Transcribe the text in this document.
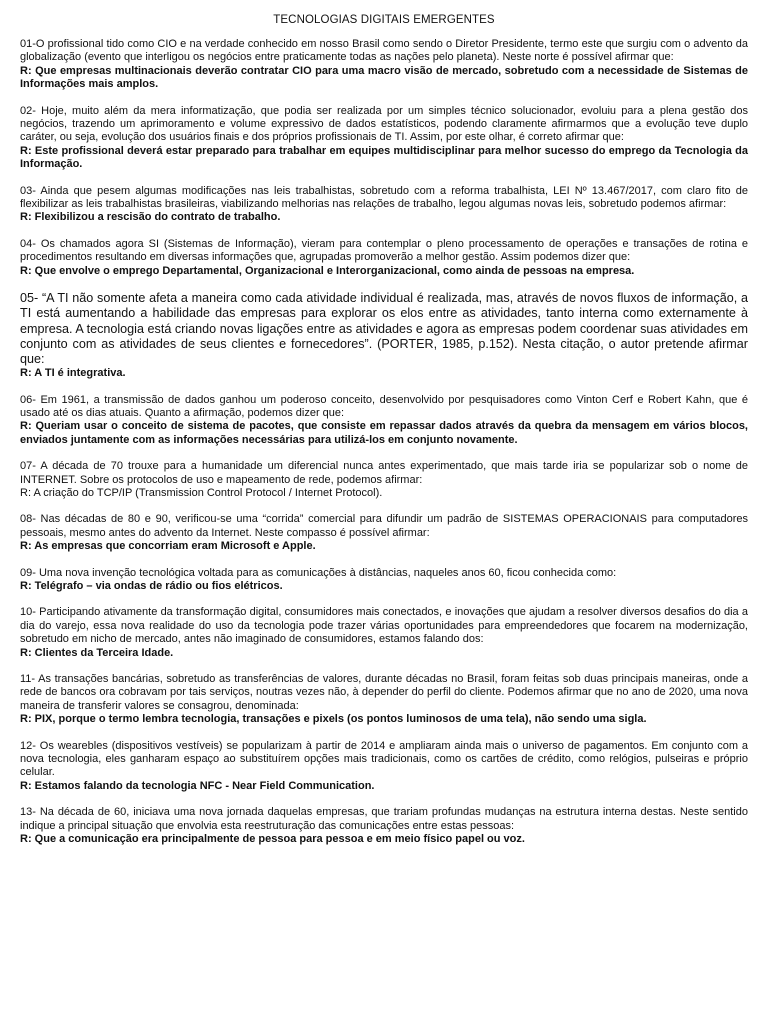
TECNOLOGIAS DIGITAIS EMERGENTES

01-O profissional tido como CIO e na verdade conhecido em nosso Brasil como sendo o Diretor Presidente, termo este que surgiu com o advento da globalização (evento que interligou os negócios entre praticamente todas as nações pelo planeta). Neste norte é possível afirmar que:

R: Que empresas multinacionais deverão contratar CIO para uma macro visão de mercado, sobretudo com a necessidade de Sistemas de Informações mais amplos.

02- Hoje, muito além da mera informatização, que podia ser realizada por um simples técnico solucionador, evoluiu para a plena gestão dos negócios, trazendo um aprimoramento e volume expressivo de dados estatísticos, podendo claramente afirmarmos que a evolução teve duplo caráter, ou seja, evolução dos usuários finais e dos próprios profissionais de TI. Assim, por este olhar, é correto afirmar que:

R: Este profissional deverá estar preparado para trabalhar em equipes multidisciplinar para melhor sucesso do emprego da Tecnologia da Informação.

03- Ainda que pesem algumas modificações nas leis trabalhistas, sobretudo com a reforma trabalhista, LEI Nº 13.467/2017, com claro fito de flexibilizar as leis trabalhistas brasileiras, viabilizando melhorias nas relações de trabalho, legou algumas novas leis, sobretudo podemos afirmar:

R: Flexibilizou a rescisão do contrato de trabalho.

04- Os chamados agora SI (Sistemas de Informação), vieram para contemplar o pleno processamento de operações e transações de rotina e procedimentos resultando em diversas informações que, agrupadas promoverão a melhor gestão. Assim podemos dizer que:

R: Que envolve o emprego Departamental, Organizacional e Interorganizacional, como ainda de pessoas na empresa.

05- “A TI não somente afeta a maneira como cada atividade individual é realizada, mas, através de novos fluxos de informação, a TI está aumentando a habilidade das empresas para explorar os elos entre as atividades, tanto interna como externamente à empresa. A tecnologia está criando novas ligações entre as atividades e agora as empresas podem coordenar suas atividades em conjunto com as atividades de seus clientes e fornecedores”. (PORTER, 1985, p.152). Nesta citação, o autor pretende afirmar que:

R: A TI é integrativa.

06- Em 1961, a transmissão de dados ganhou um poderoso conceito, desenvolvido por pesquisadores como Vinton Cerf e Robert Kahn, que é usado até os dias atuais. Quanto a afirmação, podemos dizer que:

R: Queriam usar o conceito de sistema de pacotes, que consiste em repassar dados através da quebra da mensagem em vários blocos, enviados juntamente com as informações necessárias para utilizá-los em conjunto novamente.

07- A década de 70 trouxe para a humanidade um diferencial nunca antes experimentado, que mais tarde iria se popularizar sob o nome de INTERNET. Sobre os protocolos de uso e mapeamento de rede, podemos afirmar:

R: A criação do TCP/IP (Transmission Control Protocol / Internet Protocol).

08- Nas décadas de 80 e 90, verificou-se uma “corrida” comercial para difundir um padrão de SISTEMAS OPERACIONAIS para computadores pessoais, mesmo antes do advento da Internet. Neste compasso é possível afirmar:

R: As empresas que concorriam eram Microsoft e Apple.

09- Uma nova invenção tecnológica voltada para as comunicações à distâncias, naqueles anos 60, ficou conhecida como:

R: Telégrafo – via ondas de rádio ou fios elétricos.

10- Participando ativamente da transformação digital, consumidores mais conectados, e inovações que ajudam a resolver diversos desafios do dia a dia do varejo, essa nova realidade do uso da tecnologia pode trazer várias oportunidades para empreendedores que focarem na modernização, sobretudo em nicho de mercado, antes não imaginado de consumidores, estamos falando dos:

R: Clientes da Terceira Idade.

11- As transações bancárias, sobretudo as transferências de valores, durante décadas no Brasil, foram feitas sob duas principais maneiras, onde a rede de bancos ora cobravam por tais serviços, noutras vezes não, à depender do perfil do cliente. Podemos afirmar que no ano de 2020, uma nova maneira de transferir valores se consagrou, denominada:

R: PIX, porque o termo lembra tecnologia, transações e pixels (os pontos luminosos de uma tela), não sendo uma sigla.

12- Os wearebles (dispositivos vestíveis) se popularizam à partir de 2014 e ampliaram ainda mais o universo de pagamentos. Em conjunto com a nova tecnologia, eles ganharam espaço ao substituírem opções mais tradicionais, como os cartões de crédito, como relógios, pulseiras e próprio celular.

R: Estamos falando da tecnologia NFC - Near Field Communication.

13- Na década de 60, iniciava uma nova jornada daquelas empresas, que trariam profundas mudanças na estrutura interna destas. Neste sentido indique a principal situação que envolvia esta reestruturação das comunicações entre estas pessoas:

R: Que a comunicação era principalmente de pessoa para pessoa e em meio físico papel ou voz.
